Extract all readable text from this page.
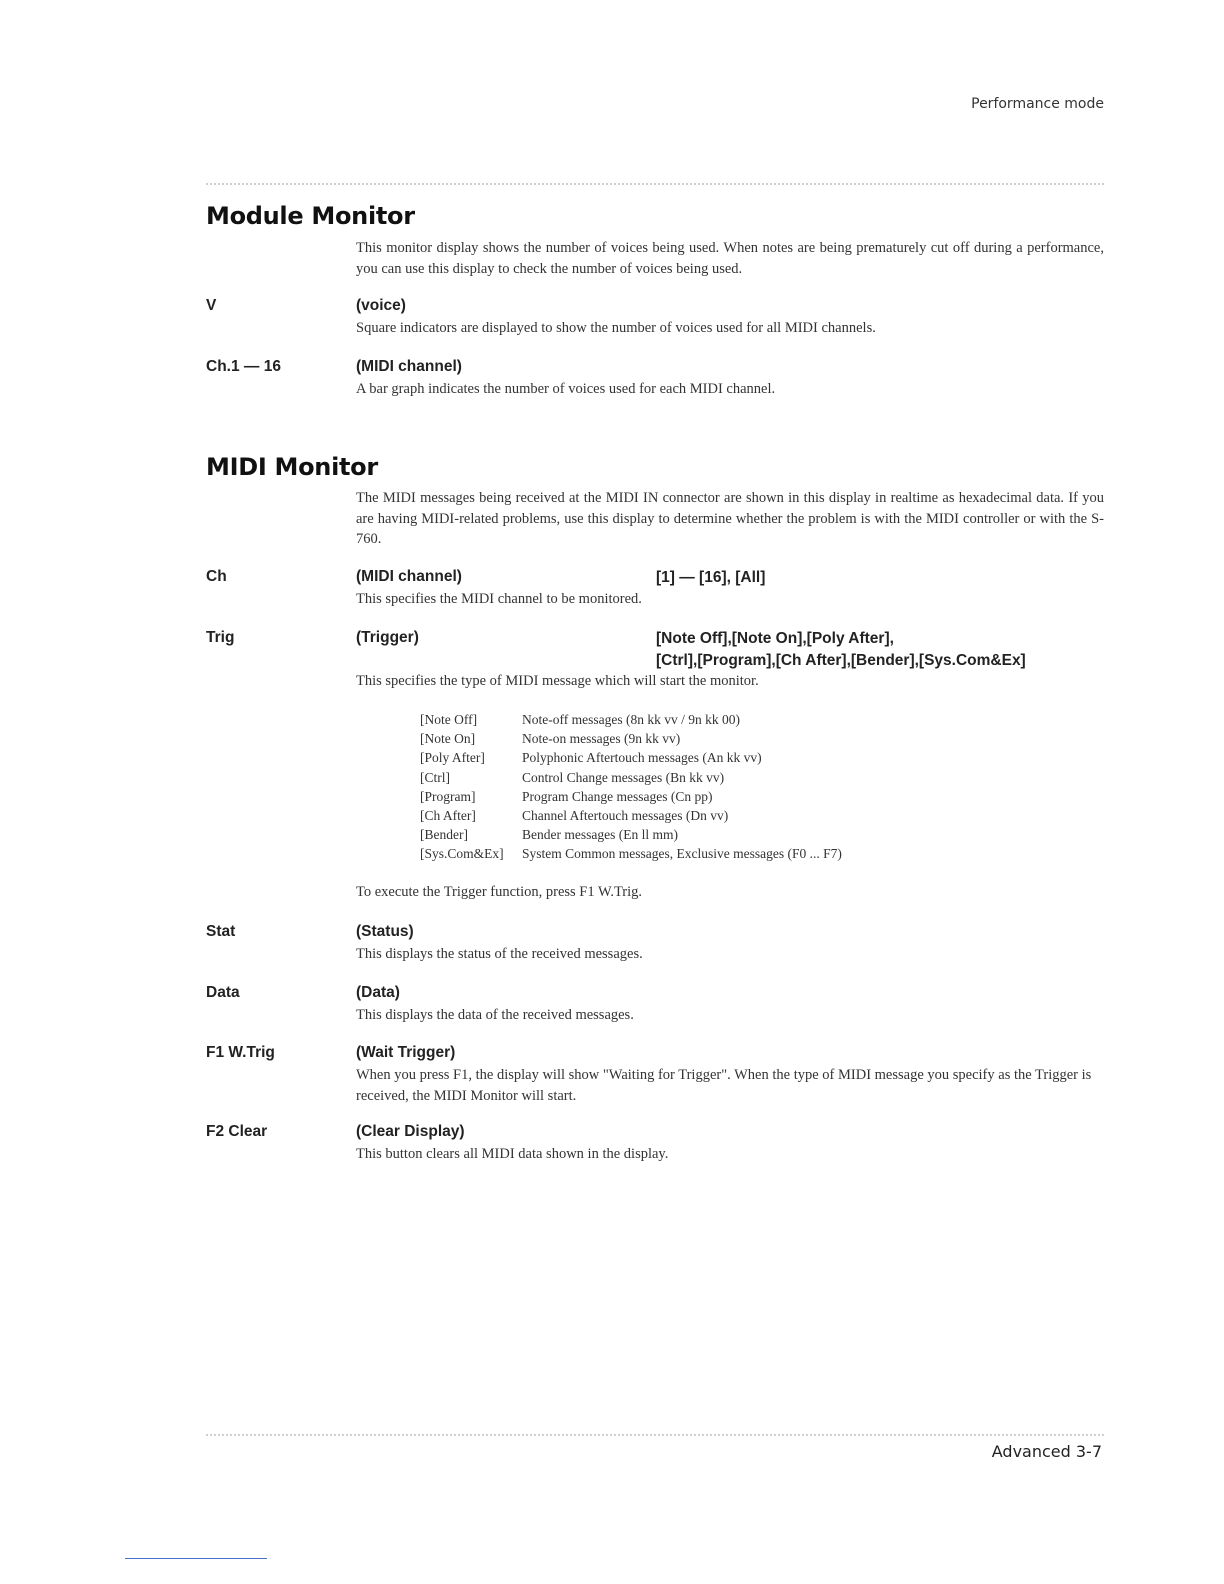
Performance mode
Module Monitor
This monitor display shows the number of voices being used. When notes are being prematurely cut off during a performance, you can use this display to check the number of voices being used.
V	(voice)
Square indicators are displayed to show the number of voices used for all MIDI channels.
Ch.1 — 16	(MIDI channel)
A bar graph indicates the number of voices used for each MIDI channel.
MIDI Monitor
The MIDI messages being received at the MIDI IN connector are shown in this display in realtime as hexadecimal data. If you are having MIDI-related problems, use this display to determine whether the problem is with the MIDI controller or with the S-760.
Ch	(MIDI channel)	[1] — [16], [All]
This specifies the MIDI channel to be monitored.
Trig	(Trigger)	[Note Off],[Note On],[Poly After],
[Ctrl],[Program],[Ch After],[Bender],[Sys.Com&Ex]
This specifies the type of MIDI message which will start the monitor.
[Note Off]	Note-off messages (8n kk vv / 9n kk 00)
[Note On]	Note-on messages (9n kk vv)
[Poly After]	Polyphonic Aftertouch messages (An kk vv)
[Ctrl]	Control Change messages (Bn kk vv)
[Program]	Program Change messages (Cn pp)
[Ch After]	Channel Aftertouch messages (Dn vv)
[Bender]	Bender messages (En ll mm)
[Sys.Com&Ex]	System Common messages, Exclusive messages (F0 ... F7)
To execute the Trigger function, press F1 W.Trig.
Stat	(Status)
This displays the status of the received messages.
Data	(Data)
This displays the data of the received messages.
F1 W.Trig	(Wait Trigger)
When you press F1, the display will show "Waiting for Trigger". When the type of MIDI message you specify as the Trigger is received, the MIDI Monitor will start.
F2 Clear	(Clear Display)
This button clears all MIDI data shown in the display.
Advanced 3-7
